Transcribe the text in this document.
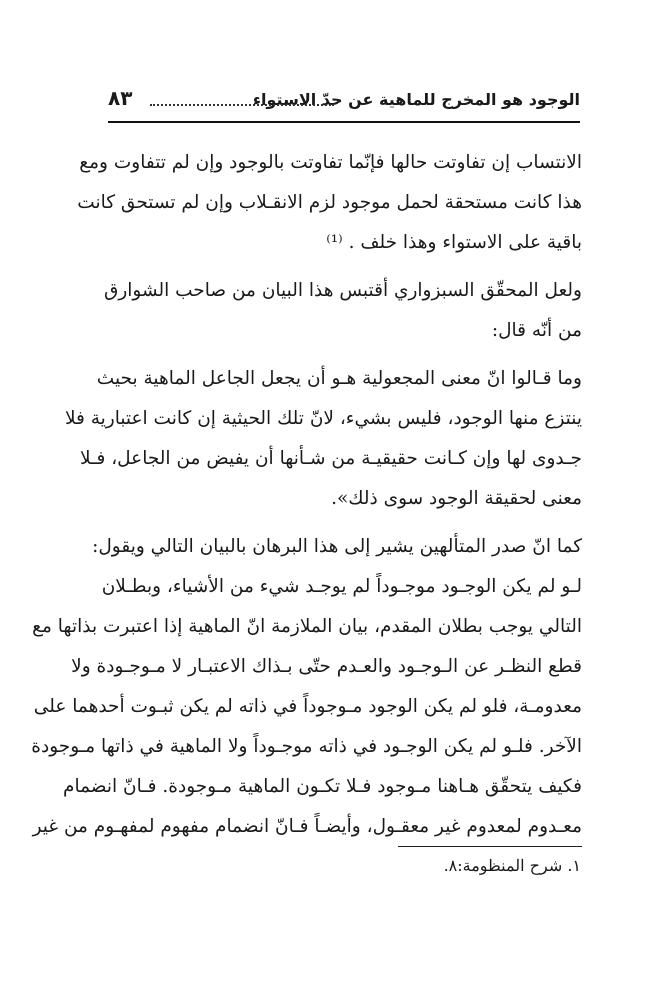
الوجود هو المخرج للماهية عن حدّ الاستواء
٨٣
الانتساب إن تفاوتت حالها فإنّما تفاوتت بالوجود وإن لم تتفاوت ومع
هذا كانت مستحقة لحمل موجود لزم الانقـلاب وإن لم تستحق كانت
باقية على الاستواء وهذا خلف . ⁽¹⁾
ولعل المحقّق السبزواري أقتبس هذا البيان من صاحب الشوارق
من أنّه قال:
وما قـالوا انّ معنى المجعولية هـو أن يجعل الجاعل الماهية بحيث
ينتزع منها الوجود، فليس بشيء، لانّ تلك الحيثية إن كانت اعتبارية فلا
جـدوى لها وإن كـانت حقيقيـة من شـأنها أن يفيض من الجاعل، فـلا
معنى لحقيقة الوجود سوى ذلك».
كما انّ صدر المتألهين يشير إلى هذا البرهان بالبيان التالي ويقول:
لـو لم يكن الوجـود موجـوداً لم يوجـد شيء من الأشياء، وبطـلان
التالي يوجب بطلان المقدم، بيان الملازمة انّ الماهية إذا اعتبرت بذاتها مع
قطع النظـر عن الـوجـود والعـدم حتّى بـذاك الاعتبـار لا مـوجـودة ولا
معدومـة، فلو لم يكن الوجود مـوجوداً في ذاته لم يكن ثبـوت أحدهما على
الآخر. فلـو لم يكن الوجـود في ذاته موجـوداً ولا الماهية في ذاتها مـوجودة
فكيف يتحقّق هـاهنا مـوجود فـلا تكـون الماهية مـوجودة. فـانّ انضمام
معـدوم لمعدوم غير معقـول، وأيضـاً فـانّ انضمام مفهوم لمفهـوم من غير
١. شرح المنظومة:٨.
